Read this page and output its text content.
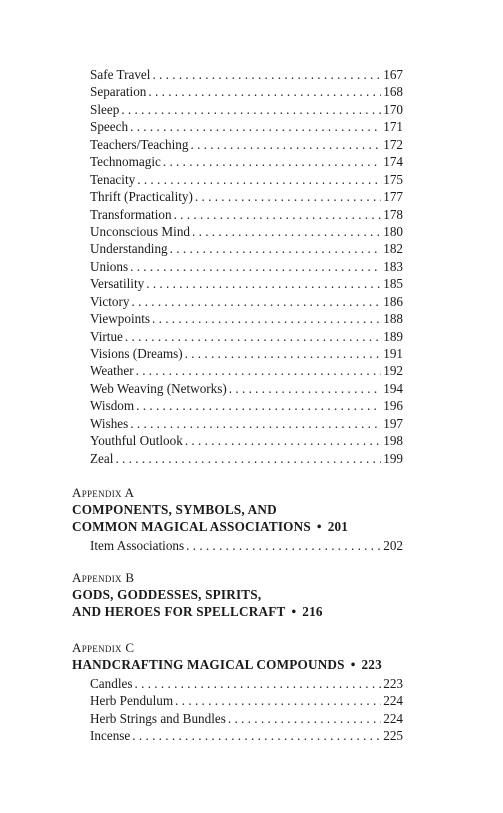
Safe Travel . . .	167
Separation . . .	168
Sleep . . .	170
Speech . . .	171
Teachers/Teaching . . .	172
Technomagic . . .	174
Tenacity . . .	175
Thrift (Practicality) . . .	177
Transformation . . .	178
Unconscious Mind . . .	180
Understanding . . .	182
Unions . . .	183
Versatility . . .	185
Victory . . .	186
Viewpoints . . .	188
Virtue . . .	189
Visions (Dreams) . . .	191
Weather . . .	192
Web Weaving (Networks) . . .	194
Wisdom . . .	196
Wishes . . .	197
Youthful Outlook . . .	198
Zeal . . .	199
Appendix A
COMPONENTS, SYMBOLS, AND
COMMON MAGICAL ASSOCIATIONS • 201
Item Associations . . .	202
Appendix B
GODS, GODDESSES, SPIRITS,
AND HEROES FOR SPELLCRAFT • 216
Appendix C
HANDCRAFTING MAGICAL COMPOUNDS • 223
Candles . . .	223
Herb Pendulum . . .	224
Herb Strings and Bundles . . .	224
Incense . . .	225
